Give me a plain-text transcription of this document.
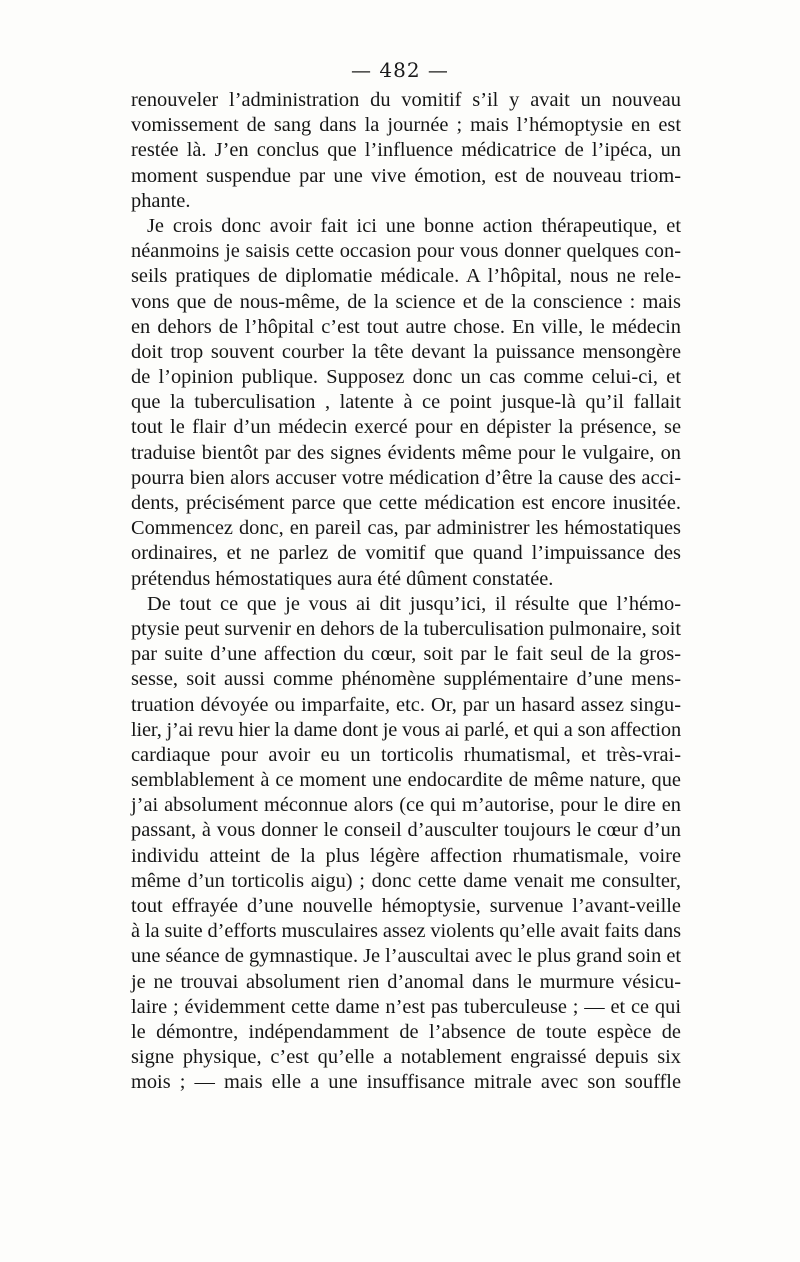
— 482 —
renouveler l’administration du vomitif s’il y avait un nouveau
vomissement de sang dans la journée ; mais l’hémoptysie en est
restée là. J’en conclus que l’influence médicatrice de l’ipéca, un
moment suspendue par une vive émotion, est de nouveau triom-
phante.
Je crois donc avoir fait ici une bonne action thérapeutique, et
néanmoins je saisis cette occasion pour vous donner quelques con-
seils pratiques de diplomatie médicale. A l’hôpital, nous ne rele-
vons que de nous-même, de la science et de la conscience : mais
en dehors de l’hôpital c’est tout autre chose. En ville, le médecin
doit trop souvent courber la tête devant la puissance mensongère
de l’opinion publique. Supposez donc un cas comme celui-ci, et
que la tuberculisation , latente à ce point jusque-là qu’il fallait
tout le flair d’un médecin exercé pour en dépister la présence, se
traduise bientôt par des signes évidents même pour le vulgaire, on
pourra bien alors accuser votre médication d’être la cause des acci-
dents, précisément parce que cette médication est encore inusitée.
Commencez donc, en pareil cas, par administrer les hémostatiques
ordinaires, et ne parlez de vomitif que quand l’impuissance des
prétendus hémostatiques aura été dûment constatée.
De tout ce que je vous ai dit jusqu’ici, il résulte que l’hémo-
ptysie peut survenir en dehors de la tuberculisation pulmonaire, soit
par suite d’une affection du cœur, soit par le fait seul de la gros-
sesse, soit aussi comme phénomène supplémentaire d’une mens-
truation dévoyée ou imparfaite, etc. Or, par un hasard assez singu-
lier, j’ai revu hier la dame dont je vous ai parlé, et qui a son affection
cardiaque pour avoir eu un torticolis rhumatismal, et très-vrai-
semblablement à ce moment une endocardite de même nature, que
j’ai absolument méconnue alors (ce qui m’autorise, pour le dire en
passant, à vous donner le conseil d’ausculter toujours le cœur d’un
individu atteint de la plus légère affection rhumatismale, voire
même d’un torticolis aigu) ; donc cette dame venait me consulter,
tout effrayée d’une nouvelle hémoptysie, survenue l’avant-veille
à la suite d’efforts musculaires assez violents qu’elle avait faits dans
une séance de gymnastique. Je l’auscultai avec le plus grand soin et
je ne trouvai absolument rien d’anomal dans le murmure vésicu-
laire ; évidemment cette dame n’est pas tuberculeuse ; — et ce qui
le démontre, indépendamment de l’absence de toute espèce de
signe physique, c’est qu’elle a notablement engraissé depuis six
mois ; — mais elle a une insuffisance mitrale avec son souffle
